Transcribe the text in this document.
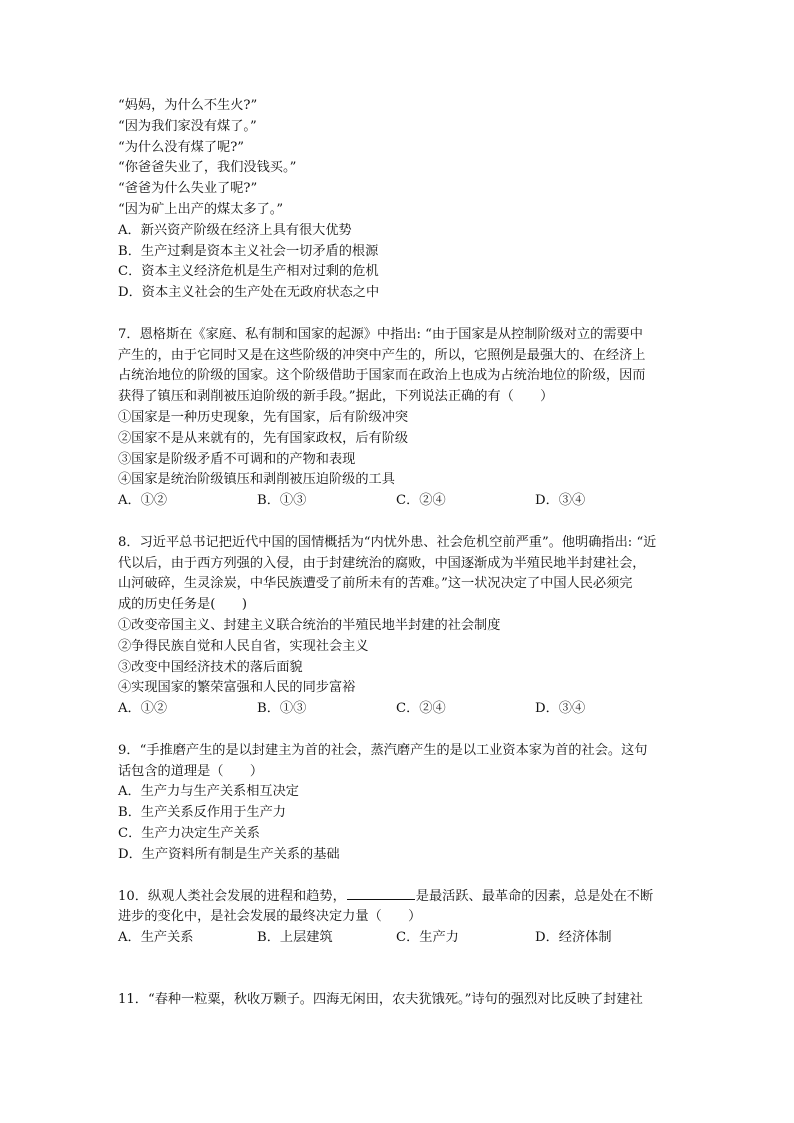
“妈妈，为什么不生火?”
“因为我们家没有煤了。”
“为什么没有煤了呢?”
“你爸爸失业了，我们没钱买。”
“爸爸为什么失业了呢?”
“因为矿上出产的煤太多了。”
A．新兴资产阶级在经济上具有很大优势
B．生产过剩是资本主义社会一切矛盾的根源
C．资本主义经济危机是生产相对过剩的危机
D．资本主义社会的生产处在无政府状态之中
7．恩格斯在《家庭、私有制和国家的起源》中指出: “由于国家是从控制阶级对立的需要中
产生的，由于它同时又是在这些阶级的冲突中产生的，所以，它照例是最强大的、在经济上
占统治地位的阶级的国家。这个阶级借助于国家而在政治上也成为占统治地位的阶级，因而
获得了镇压和剥削被压迫阶级的新手段。”据此，下列说法正确的有（　　）
①国家是一种历史现象，先有国家，后有阶级冲突
②国家不是从来就有的，先有国家政权，后有阶级
③国家是阶级矛盾不可调和的产物和表现
④国家是统治阶级镇压和剥削被压迫阶级的工具
A．①②	B．①③	C．②④	D．③④
8．习近平总书记把近代中国的国情概括为“内忧外患、社会危机空前严重”。他明确指出: “近
代以后，由于西方列强的入侵，由于封建统治的腐败，中国逐渐成为半殖民地半封建社会，
山河破碎，生灵涂炭，中华民族遭受了前所未有的苦难。”这一状况决定了中国人民必须完
成的历史任务是(　　)
①改变帝国主义、封建主义联合统治的半殖民地半封建的社会制度
②争得民族自觉和人民自省，实现社会主义
③改变中国经济技术的落后面貌
④实现国家的繁荣富强和人民的同步富裕
A．①②	B．①③	C．②④	D．③④
9．“手推磨产生的是以封建主为首的社会，蒸汽磨产生的是以工业资本家为首的社会。这句
话包含的道理是（　　）
A．生产力与生产关系相互决定
B．生产关系反作用于生产力
C．生产力决定生产关系
D．生产资料所有制是生产关系的基础
10．纵观人类社会发展的进程和趋势，	是最活跃、最革命的因素，总是处在不断
进步的变化中，是社会发展的最终决定力量（　　）
A．生产关系	B．上层建筑	C．生产力	D．经济体制
11．“春种一粒粟，秋收万颗子。四海无闲田，农夫犹饿死。”诗句的强烈对比反映了封建社
